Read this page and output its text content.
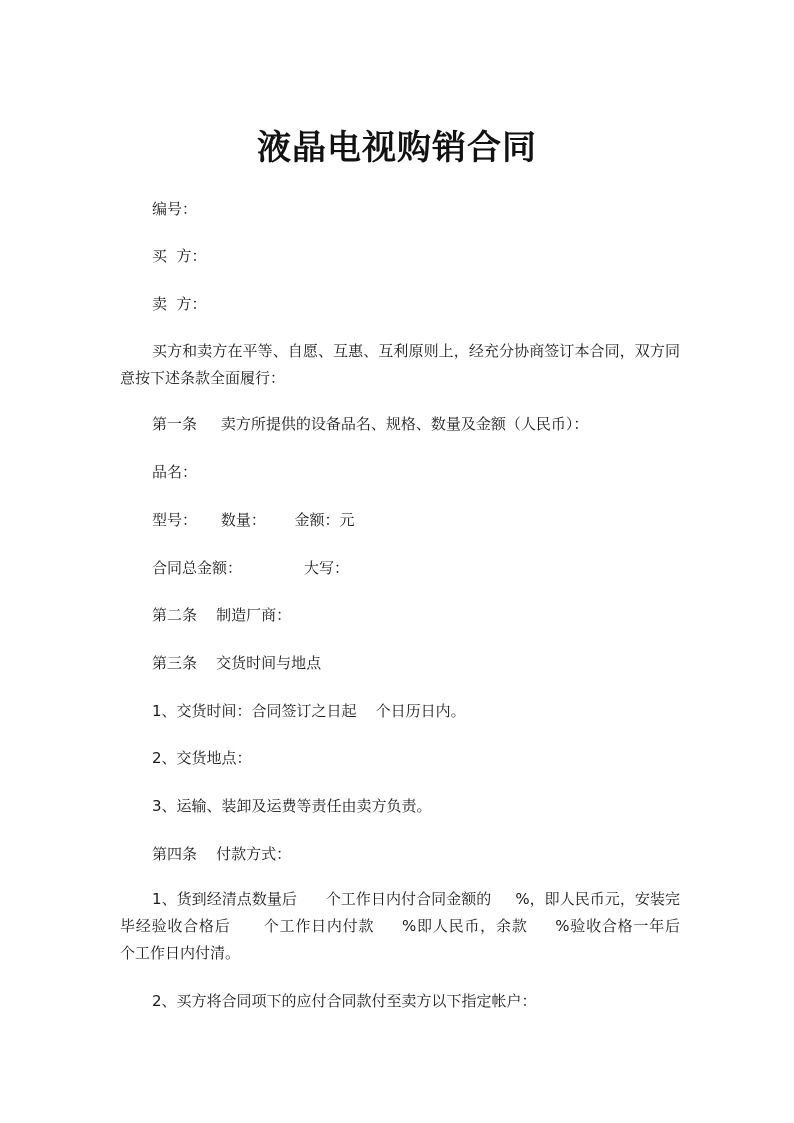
液晶电视购销合同
编号：
买  方：
卖  方：
买方和卖方在平等、自愿、互惠、互利原则上，经充分协商签订本合同，双方同意按下述条款全面履行：
第一条     卖方所提供的设备品名、规格、数量及金额（人民币）：
品名：
型号：     数量：      金额：元
合同总金额：             大写：
第二条    制造厂商：
第三条    交货时间与地点
1、交货时间：合同签订之日起    个日历日内。
2、交货地点：
3、运输、装卸及运费等责任由卖方负责。
第四条    付款方式：
1、货到经清点数量后      个工作日内付合同金额的     %，即人民币元，安装完毕经验收合格后      个工作日内付款     %即人民币，余款     %验收合格一年后     个工作日内付清。
2、买方将合同项下的应付合同款付至卖方以下指定帐户：
